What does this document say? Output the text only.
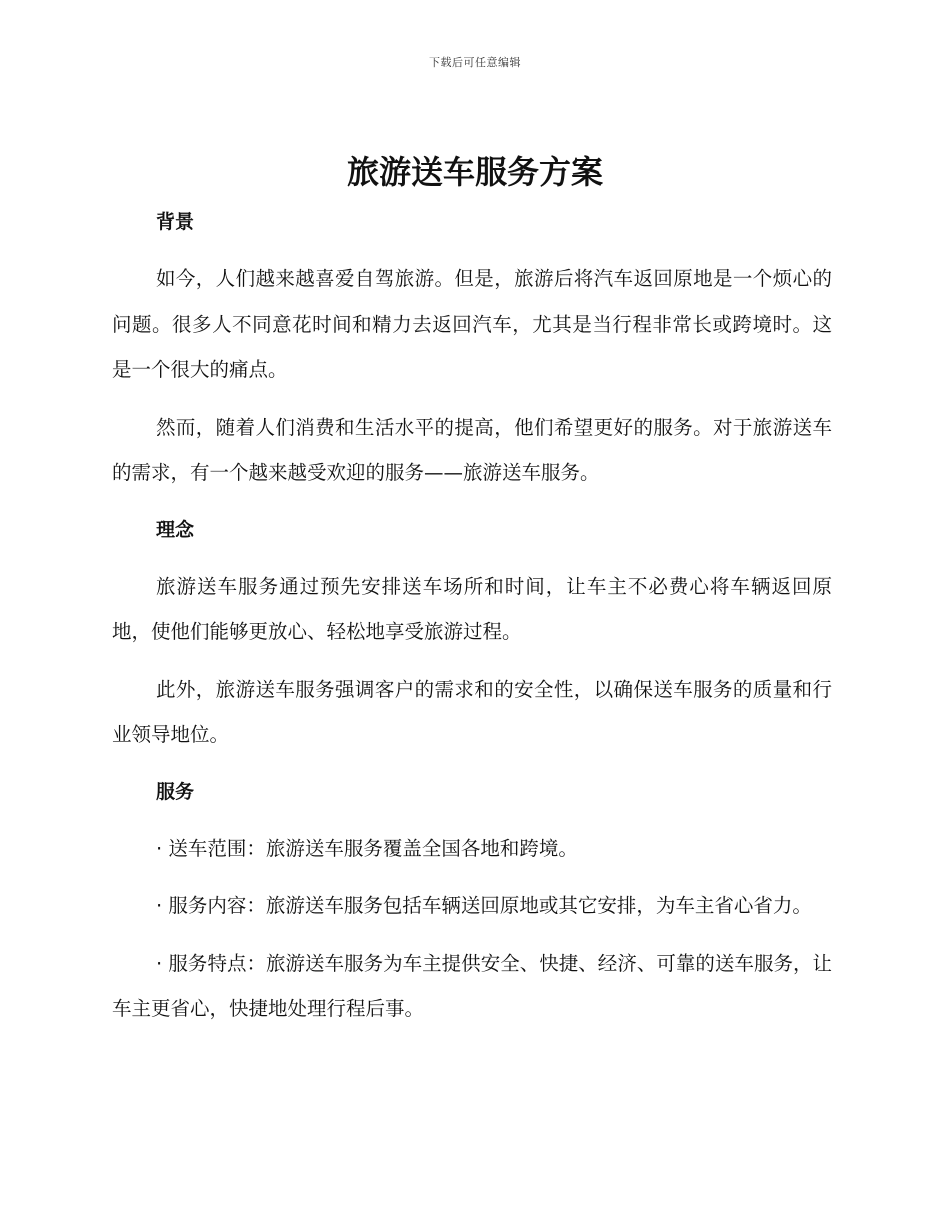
下载后可任意编辑
旅游送车服务方案
背景

如今，人们越来越喜爱自驾旅游。但是，旅游后将汽车返回原地是一个烦心的问题。很多人不同意花时间和精力去返回汽车，尤其是当行程非常长或跨境时。这是一个很大的痛点。

然而，随着人们消费和生活水平的提高，他们希望更好的服务。对于旅游送车的需求，有一个越来越受欢迎的服务——旅游送车服务。

理念

旅游送车服务通过预先安排送车场所和时间，让车主不必费心将车辆返回原地，使他们能够更放心、轻松地享受旅游过程。

此外，旅游送车服务强调客户的需求和的安全性，以确保送车服务的质量和行业领导地位。

服务

· 送车范围：旅游送车服务覆盖全国各地和跨境。

· 服务内容：旅游送车服务包括车辆送回原地或其它安排，为车主省心省力。

· 服务特点：旅游送车服务为车主提供安全、快捷、经济、可靠的送车服务，让车主更省心，快捷地处理行程后事。
